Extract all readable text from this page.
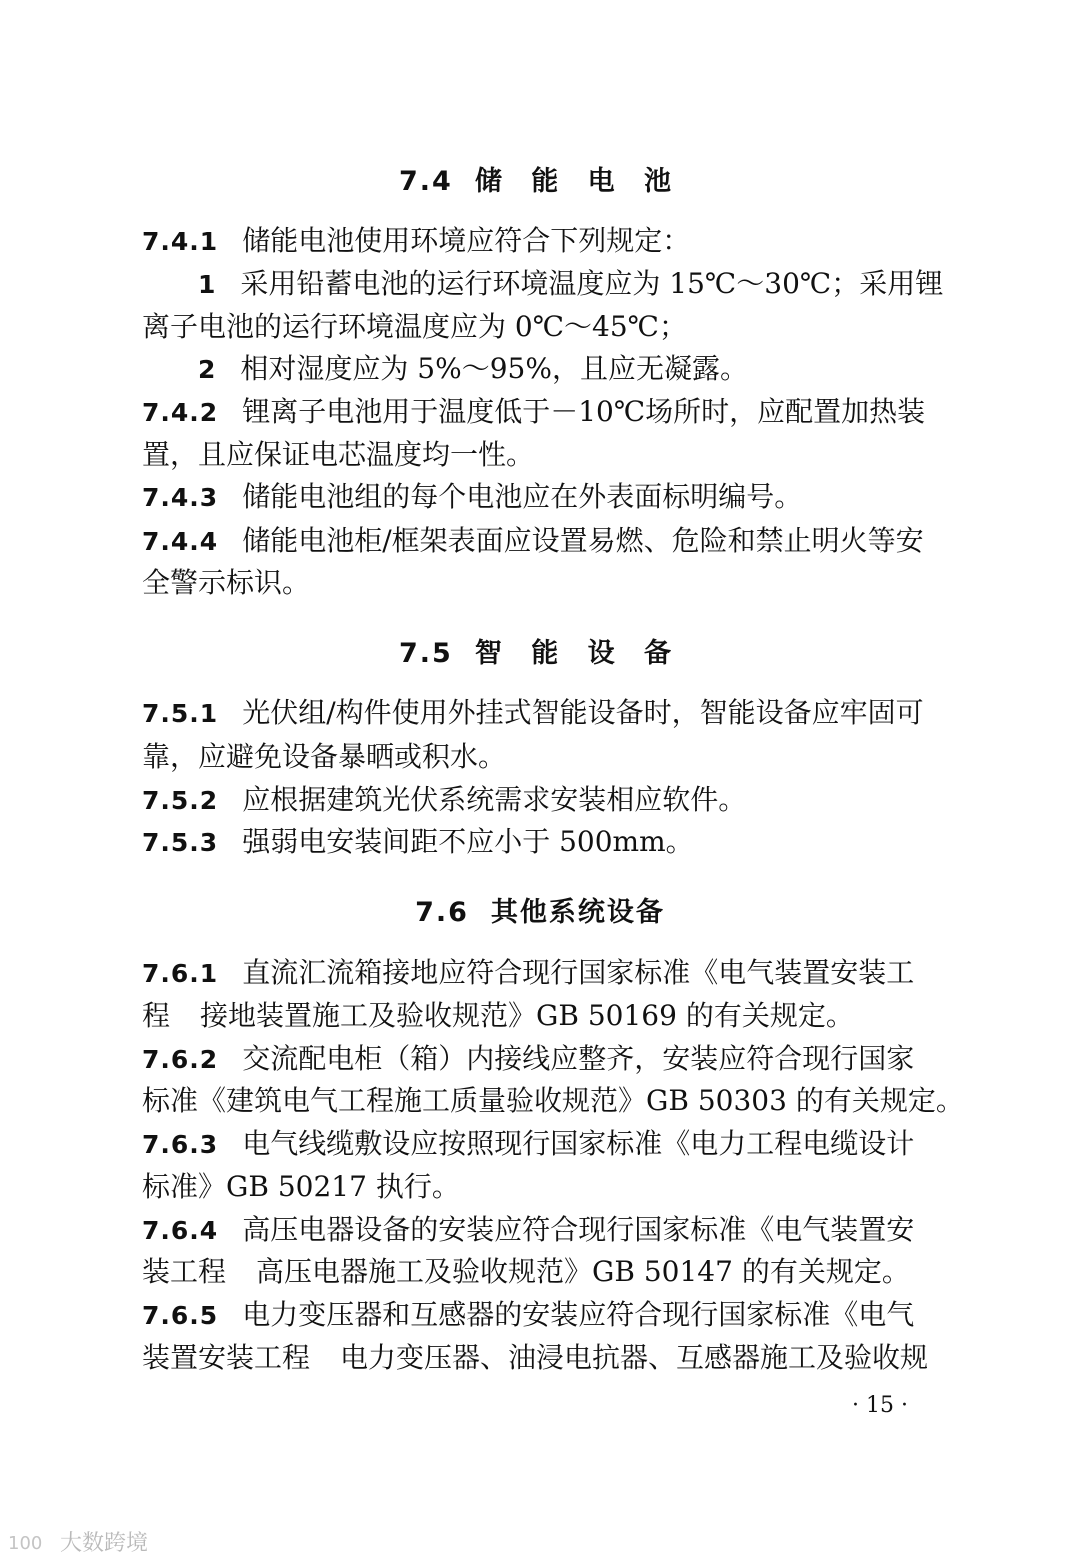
7.4 储 能 电 池
7.4.1 储能电池使用环境应符合下列规定：
1 采用铅蓄电池的运行环境温度应为 15℃～30℃；采用锂
离子电池的运行环境温度应为 0℃～45℃；
2 相对湿度应为 5%～95%，且应无凝露。
7.4.2 锂离子电池用于温度低于－10℃场所时，应配置加热装
置，且应保证电芯温度均一性。
7.4.3 储能电池组的每个电池应在外表面标明编号。
7.4.4 储能电池柜/框架表面应设置易燃、危险和禁止明火等安
全警示标识。
7.5 智 能 设 备
7.5.1 光伏组/构件使用外挂式智能设备时，智能设备应牢固可
靠，应避免设备暴晒或积水。
7.5.2 应根据建筑光伏系统需求安装相应软件。
7.5.3 强弱电安装间距不应小于 500mm。
7.6 其他系统设备
7.6.1 直流汇流箱接地应符合现行国家标准《电气装置安装工
程 接地装置施工及验收规范》GB 50169 的有关规定。
7.6.2 交流配电柜（箱）内接线应整齐，安装应符合现行国家
标准《建筑电气工程施工质量验收规范》GB 50303 的有关规定。
7.6.3 电气线缆敷设应按照现行国家标准《电力工程电缆设计
标准》GB 50217 执行。
7.6.4 高压电器设备的安装应符合现行国家标准《电气装置安
装工程 高压电器施工及验收规范》GB 50147 的有关规定。
7.6.5 电力变压器和互感器的安装应符合现行国家标准《电气
装置安装工程 电力变压器、油浸电抗器、互感器施工及验收规
· 15 ·
100 大数跨境
